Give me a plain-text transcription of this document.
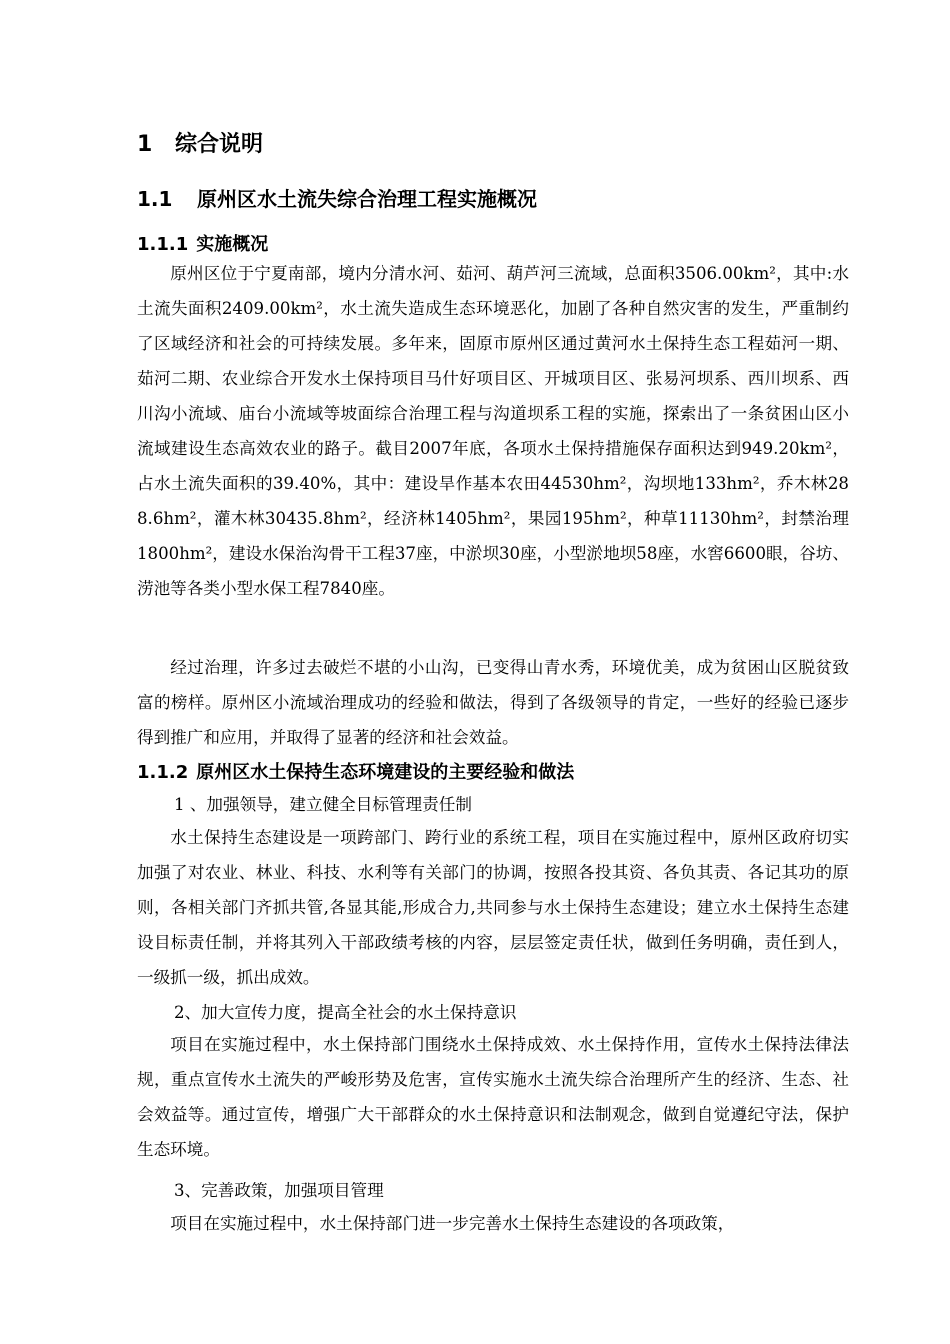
1 综合说明
1.1 原州区水土流失综合治理工程实施概况
1.1.1 实施概况

原州区位于宁夏南部，境内分清水河、茹河、葫芦河三流域，总面积3506.00km²，其中:水土流失面积2409.00km²，水土流失造成生态环境恶化，加剧了各种自然灾害的发生，严重制约了区域经济和社会的可持续发展。多年来，固原市原州区通过黄河水土保持生态工程茹河一期、茹河二期、农业综合开发水土保持项目马什好项目区、开城项目区、张易河坝系、西川坝系、西川沟小流域、庙台小流域等坡面综合治理工程与沟道坝系工程的实施，探索出了一条贫困山区小流域建设生态高效农业的路子。截目2007年底，各项水土保持措施保存面积达到949.20km²，占水土流失面积的39.40%，其中：建设旱作基本农田44530hm²，沟坝地133hm²，乔木林288.6hm²，灌木林30435.8hm²，经济林1405hm²，果园195hm²，种草11130hm²，封禁治理1800hm²，建设水保治沟骨干工程37座，中淤坝30座，小型淤地坝58座，水窖6600眼，谷坊、涝池等各类小型水保工程7840座。

经过治理，许多过去破烂不堪的小山沟，已变得山青水秀，环境优美，成为贫困山区脱贫致富的榜样。原州区小流域治理成功的经验和做法，得到了各级领导的肯定，一些好的经验已逐步得到推广和应用，并取得了显著的经济和社会效益。

1.1.2 原州区水土保持生态环境建设的主要经验和做法
1 、加强领导，建立健全目标管理责任制

水土保持生态建设是一项跨部门、跨行业的系统工程，项目在实施过程中，原州区政府切实加强了对农业、林业、科技、水利等有关部门的协调，按照各投其资、各负其责、各记其功的原则，各相关部门齐抓共管,各显其能,形成合力,共同参与水土保持生态建设；建立水土保持生态建设目标责任制，并将其列入干部政绩考核的内容，层层签定责任状，做到任务明确，责任到人，一级抓一级，抓出成效。

2、加大宣传力度，提高全社会的水土保持意识

项目在实施过程中，水土保持部门围绕水土保持成效、水土保持作用，宣传水土保持法律法规，重点宣传水土流失的严峻形势及危害，宣传实施水土流失综合治理所产生的经济、生态、社会效益等。通过宣传，增强广大干部群众的水土保持意识和法制观念，做到自觉遵纪守法，保护生态环境。

3、完善政策，加强项目管理

项目在实施过程中，水土保持部门进一步完善水土保持生态建设的各项政策，
